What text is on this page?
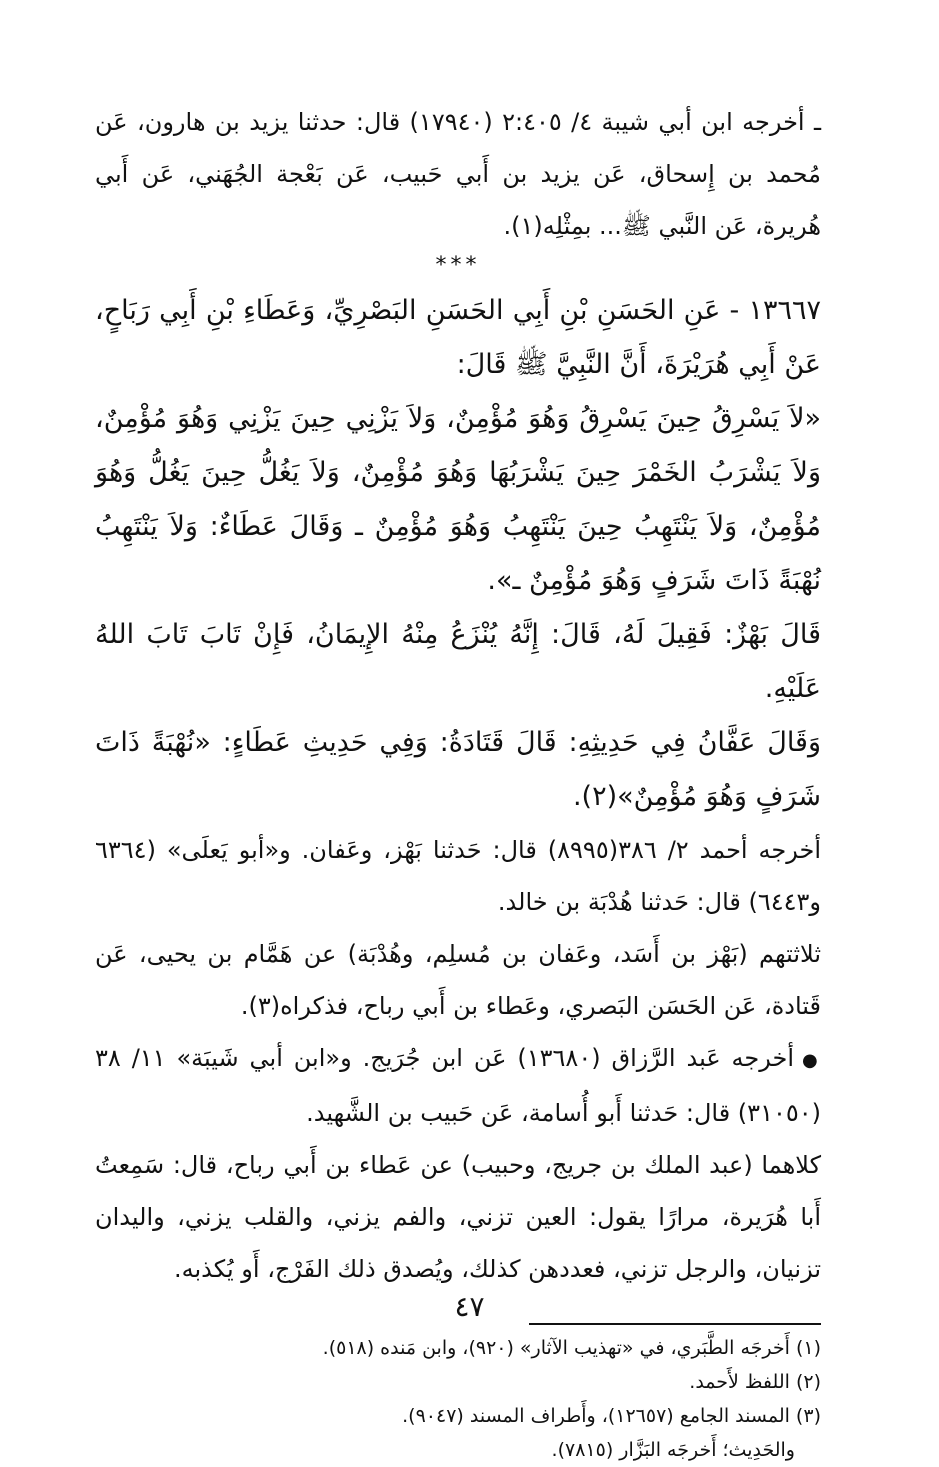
ـ أخرجه ابن أبي شيبة ٤/ ٢:٤٠٥ (١٧٩٤٠) قال: حدثنا يزيد بن هارون، عَن مُحمد بن إِسحاق، عَن يزيد بن أَبي حَبيب، عَن بَعْجة الجُهَني، عَن أَبي هُريرة، عَن النَّبي ﷺ... بمِثْلِه(١).

***

١٣٦٦٧ - عَنِ الحَسَنِ بْنِ أَبِي الحَسَنِ البَصْرِيِّ، وَعَطَاءِ بْنِ أَبِي رَبَاحٍ، عَنْ أَبِي هُرَيْرَةَ، أَنَّ النَّبِيَّ ﷺ قَالَ:

«لاَ يَسْرِقُ حِينَ يَسْرِقُ وَهُوَ مُؤْمِنٌ، وَلاَ يَزْنِي حِينَ يَزْنِي وَهُوَ مُؤْمِنٌ، وَلاَ يَشْرَبُ الخَمْرَ حِينَ يَشْرَبُهَا وَهُوَ مُؤْمِنٌ، وَلاَ يَغُلُّ حِينَ يَغُلُّ وَهُوَ مُؤْمِنٌ، وَلاَ يَنْتَهِبُ حِينَ يَنْتَهِبُ وَهُوَ مُؤْمِنٌ ـ وَقَالَ عَطَاءٌ: وَلاَ يَنْتَهِبُ نُهْبَةً ذَاتَ شَرَفٍ وَهُوَ مُؤْمِنٌ ـ».

قَالَ بَهْزٌ: فَقِيلَ لَهُ، قَالَ: إِنَّهُ يُنْزَعُ مِنْهُ الإِيمَانُ، فَإِنْ تَابَ تَابَ اللهُ عَلَيْهِ.

وَقَالَ عَفَّانُ فِي حَدِيثِهِ: قَالَ قَتَادَةُ: وَفِي حَدِيثِ عَطَاءٍ: «نُهْبَةً ذَاتَ شَرَفٍ وَهُوَ مُؤْمِنٌ»(٢).

أخرجه أحمد ٢/ ٣٨٦(٨٩٩٥) قال: حَدثنا بَهْز، وعَفان. و«أبو يَعلَى» (٦٣٦٤ و٦٤٤٣) قال: حَدثنا هُدْبَة بن خالد.

ثلاثتهم (بَهْز بن أَسَد، وعَفان بن مُسلِم، وهُدْبَة) عن هَمَّام بن يحيى، عَن قَتادة، عَن الحَسَن البَصري، وعَطاء بن أَبي رباح، فذكراه(٣).

●أخرجه عَبد الرَّزاق (١٣٦٨٠) عَن ابن جُرَيج. و«ابن أبي شَيبَة» ١١/ ٣٨ (٣١٠٥٠) قال: حَدثنا أَبو أُسامة، عَن حَبيب بن الشَّهيد.

كلاهما (عبد الملك بن جريج، وحبيب) عن عَطاء بن أَبي رباح، قال: سَمِعتُ أَبا هُرَيرة، مرارًا يقول: العين تزني، والفم يزني، والقلب يزني، واليدان تزنيان، والرجل تزني، فعددهن كذلك، ويُصدق ذلك الفَرْج، أَو يُكذبه.

(١) أَخرجَه الطَّبَري، في «تهذيب الآثار» (٩٢٠)، وابن مَنده (٥١٨).

(٢) اللفظ لأَحمد.

(٣) المسند الجامع (١٢٦٥٧)، وأَطراف المسند (٩٠٤٧).

والحَدِيث؛ أَخرجَه البَزَّار (٧٨١٥).

٤٧
